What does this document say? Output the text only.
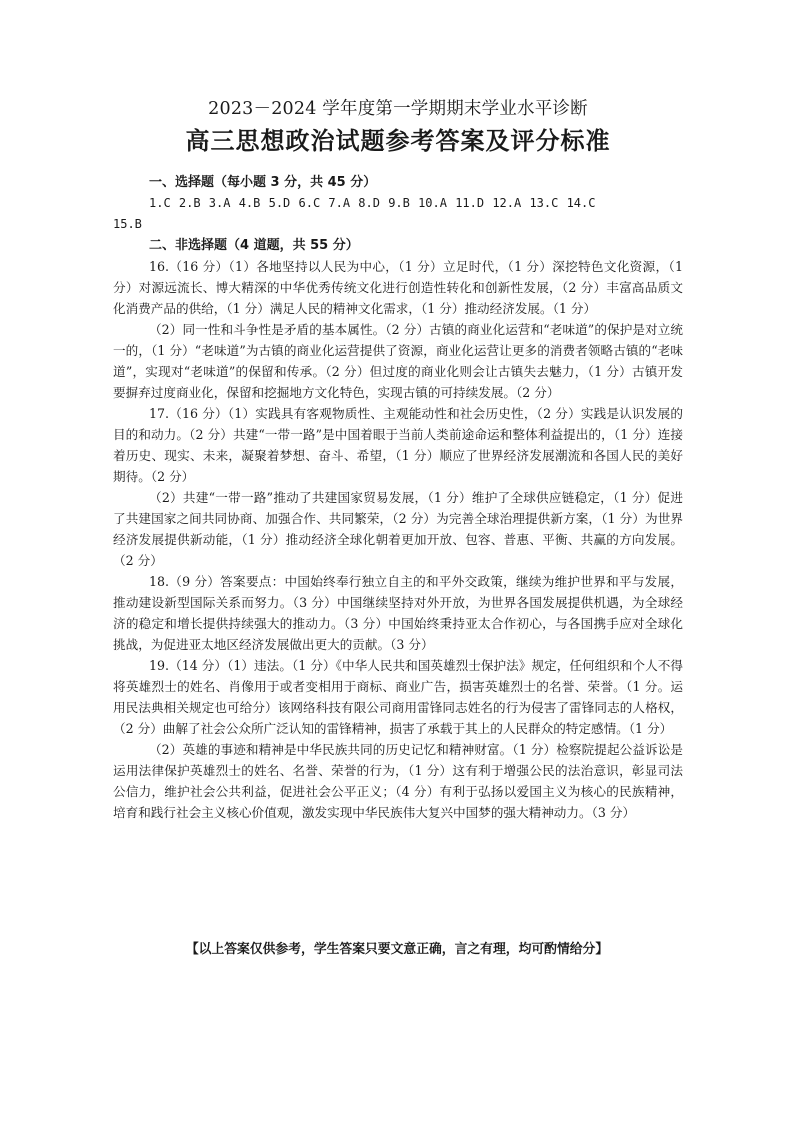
2023－2024 学年度第一学期期末学业水平诊断
高三思想政治试题参考答案及评分标准

一、选择题（每小题 3 分，共 45 分）

1.C 2.B 3.A 4.B 5.D 6.C 7.A 8.D 9.B 10.A 11.D 12.A 13.C 14.C

15.B

二、非选择题（4 道题，共 55 分）

16.（16 分）（1）各地坚持以人民为中心，（1 分）立足时代，（1 分）深挖特色文化资源，（1 分）对源远流长、博大精深的中华优秀传统文化进行创造性转化和创新性发展，（2 分）丰富高品质文化消费产品的供给，（1 分）满足人民的精神文化需求，（1 分）推动经济发展。（1 分）

（2）同一性和斗争性是矛盾的基本属性。（2 分）古镇的商业化运营和“老味道”的保护是对立统一的，（1 分）“老味道”为古镇的商业化运营提供了资源，商业化运营让更多的消费者领略古镇的“老味道”，实现对“老味道”的保留和传承。（2 分）但过度的商业化则会让古镇失去魅力，（1 分）古镇开发要摒弃过度商业化，保留和挖掘地方文化特色，实现古镇的可持续发展。（2 分）

17.（16 分）（1）实践具有客观物质性、主观能动性和社会历史性，（2 分）实践是认识发展的目的和动力。（2 分）共建“一带一路”是中国着眼于当前人类前途命运和整体利益提出的，（1 分）连接着历史、现实、未来，凝聚着梦想、奋斗、希望，（1 分）顺应了世界经济发展潮流和各国人民的美好期待。（2 分）

（2）共建“一带一路”推动了共建国家贸易发展，（1 分）维护了全球供应链稳定，（1 分）促进了共建国家之间共同协商、加强合作、共同繁荣，（2 分）为完善全球治理提供新方案，（1 分）为世界经济发展提供新动能，（1 分）推动经济全球化朝着更加开放、包容、普惠、平衡、共赢的方向发展。（2 分）

18.（9 分）答案要点：中国始终奉行独立自主的和平外交政策，继续为维护世界和平与发展，推动建设新型国际关系而努力。（3 分）中国继续坚持对外开放，为世界各国发展提供机遇，为全球经济的稳定和增长提供持续强大的推动力。（3 分）中国始终秉持亚太合作初心，与各国携手应对全球化挑战，为促进亚太地区经济发展做出更大的贡献。（3 分）

19.（14 分）（1）违法。（1 分）《中华人民共和国英雄烈士保护法》规定，任何组织和个人不得将英雄烈士的姓名、肖像用于或者变相用于商标、商业广告，损害英雄烈士的名誉、荣誉。（1 分。运用民法典相关规定也可给分）该网络科技有限公司商用雷锋同志姓名的行为侵害了雷锋同志的人格权，（2 分）曲解了社会公众所广泛认知的雷锋精神，损害了承载于其上的人民群众的特定感情。（1 分）

（2）英雄的事迹和精神是中华民族共同的历史记忆和精神财富。（1 分）检察院提起公益诉讼是运用法律保护英雄烈士的姓名、名誉、荣誉的行为，（1 分）这有利于增强公民的法治意识，彰显司法公信力，维护社会公共利益，促进社会公平正义；（4 分）有利于弘扬以爱国主义为核心的民族精神，培育和践行社会主义核心价值观，激发实现中华民族伟大复兴中国梦的强大精神动力。（3 分）

【以上答案仅供参考，学生答案只要文意正确，言之有理，均可酌情给分】
